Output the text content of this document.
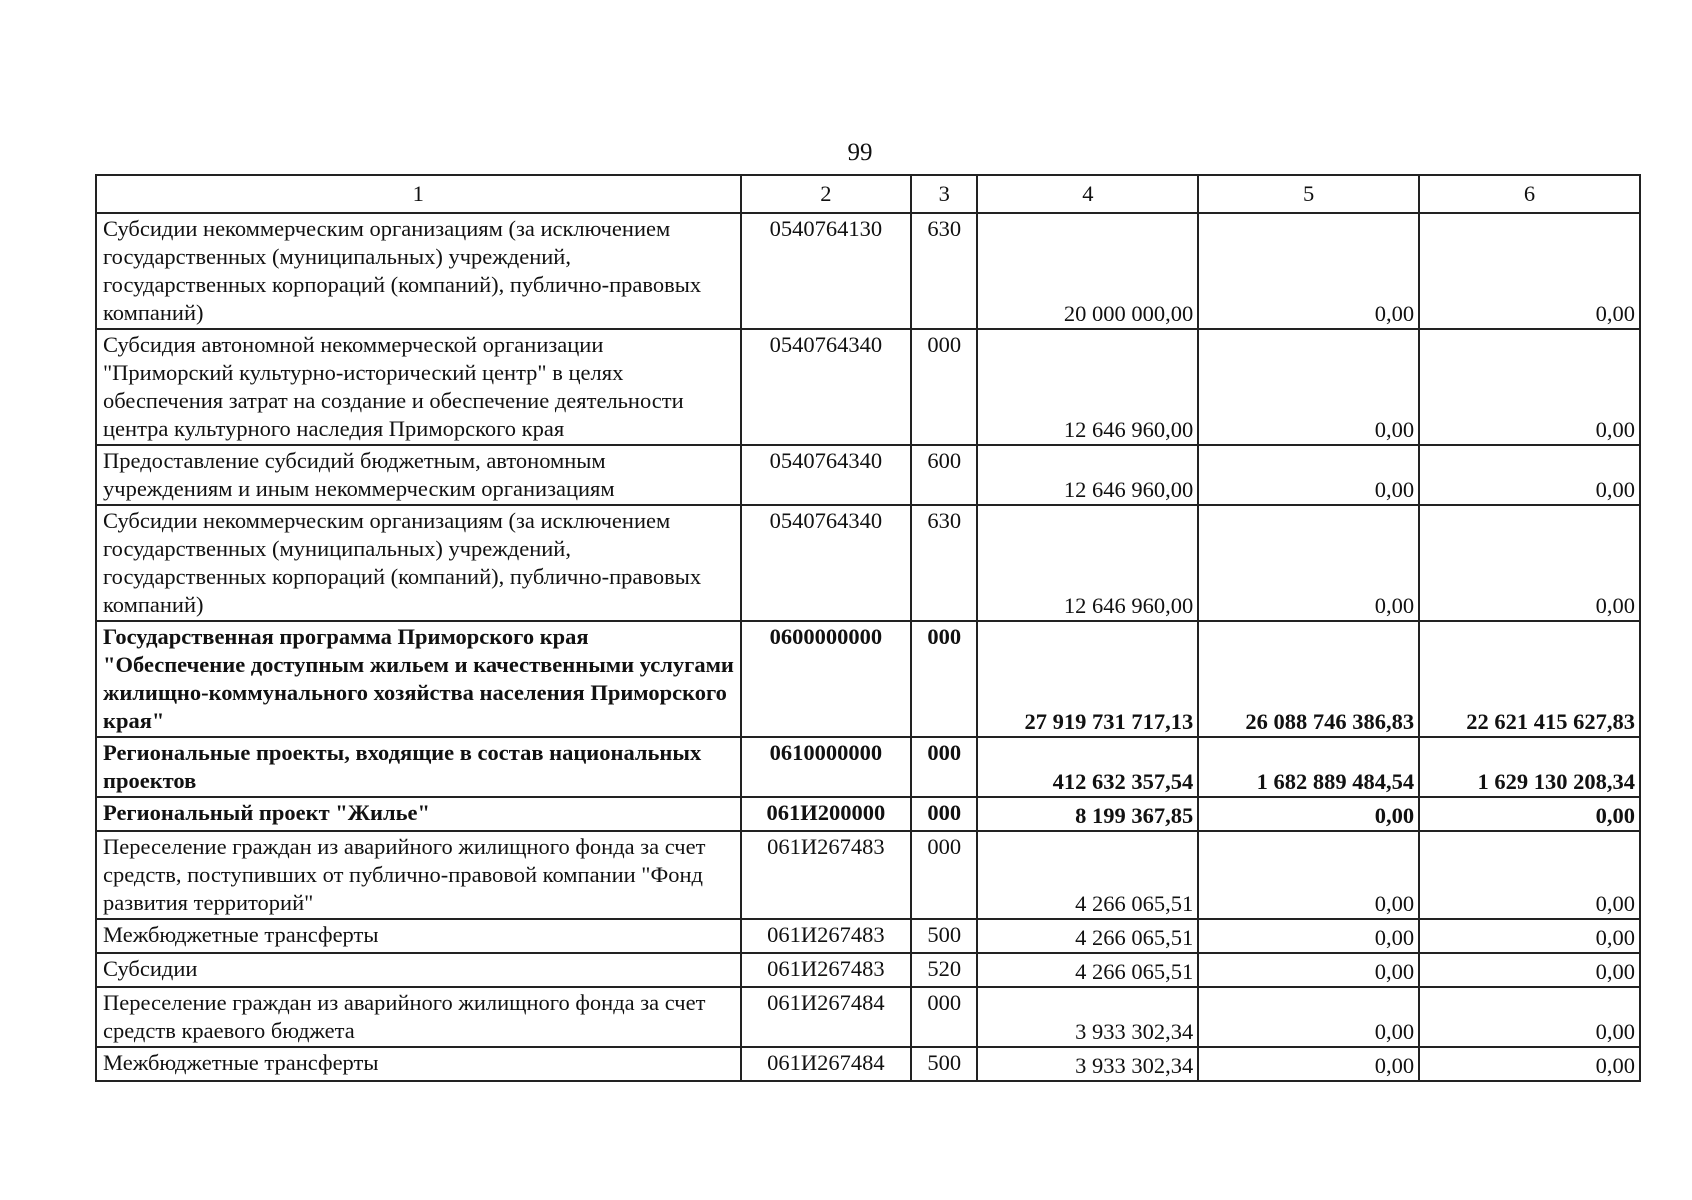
99
1	2	3	4	5	6
Субсидии некоммерческим организациям (за исключением государственных (муниципальных) учреждений, государственных корпораций (компаний), публично-правовых компаний)	0540764130	630	20 000 000,00	0,00	0,00
Субсидия автономной некоммерческой организации "Приморский культурно-исторический центр" в целях обеспечения затрат на создание и обеспечение деятельности центра культурного наследия Приморского края	0540764340	000	12 646 960,00	0,00	0,00
Предоставление субсидий бюджетным, автономным учреждениям и иным некоммерческим организациям	0540764340	600	12 646 960,00	0,00	0,00
Субсидии некоммерческим организациям (за исключением государственных (муниципальных) учреждений, государственных корпораций (компаний), публично-правовых компаний)	0540764340	630	12 646 960,00	0,00	0,00
Государственная программа Приморского края "Обеспечение доступным жильем и качественными услугами жилищно-коммунального хозяйства населения Приморского края"	0600000000	000	27 919 731 717,13	26 088 746 386,83	22 621 415 627,83
Региональные проекты, входящие в состав национальных проектов	0610000000	000	412 632 357,54	1 682 889 484,54	1 629 130 208,34
Региональный проект "Жилье"	061И200000	000	8 199 367,85	0,00	0,00
Переселение граждан из аварийного жилищного фонда за счет средств, поступивших от публично-правовой компании "Фонд развития территорий"	061И267483	000	4 266 065,51	0,00	0,00
Межбюджетные трансферты	061И267483	500	4 266 065,51	0,00	0,00
Субсидии	061И267483	520	4 266 065,51	0,00	0,00
Переселение граждан из аварийного жилищного фонда за счет средств краевого бюджета	061И267484	000	3 933 302,34	0,00	0,00
Межбюджетные трансферты	061И267484	500	3 933 302,34	0,00	0,00
